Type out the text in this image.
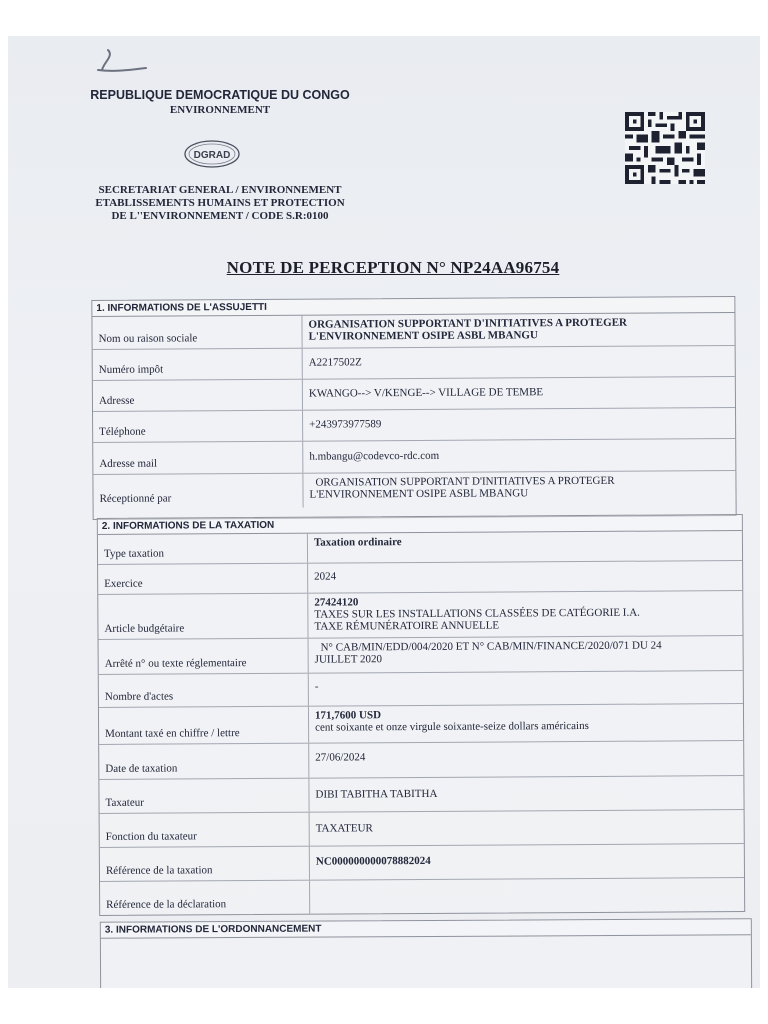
REPUBLIQUE DEMOCRATIQUE DU CONGO
ENVIRONNEMENT
DGRAD
SECRETARIAT GENERAL / ENVIRONNEMENT
ETABLISSEMENTS HUMAINS ET PROTECTION
DE L''ENVIRONNEMENT / CODE S.R:0100
NOTE DE PERCEPTION N° NP24AA96754
1. INFORMATIONS DE L'ASSUJETTI
Nom ou raison sociale
ORGANISATION SUPPORTANT D'INITIATIVES A PROTEGER
L'ENVIRONNEMENT OSIPE ASBL MBANGU
Numéro impôt
A2217502Z
Adresse
KWANGO--> V/KENGE--> VILLAGE DE TEMBE
Téléphone
+243973977589
Adresse mail
h.mbangu@codevco-rdc.com
Réceptionné par
ORGANISATION SUPPORTANT D'INITIATIVES A PROTEGER
L'ENVIRONNEMENT OSIPE ASBL MBANGU
2. INFORMATIONS DE LA TAXATION
Type taxation
Taxation ordinaire
Exercice
2024
Article budgétaire
27424120
TAXES SUR LES INSTALLATIONS CLASSÉES DE CATÉGORIE I.A.
TAXE RÉMUNÉRATOIRE ANNUELLE
Arrêté n° ou texte réglementaire
N° CAB/MIN/EDD/004/2020 ET N° CAB/MIN/FINANCE/2020/071 DU 24
JUILLET 2020
Nombre d'actes
-
Montant taxé en chiffre / lettre
171,7600 USD
cent soixante et onze virgule soixante-seize dollars américains
Date de taxation
27/06/2024
Taxateur
DIBI TABITHA TABITHA
Fonction du taxateur
TAXATEUR
Référence de la taxation
NC000000000078882024
Référence de la déclaration
3. INFORMATIONS DE L'ORDONNANCEMENT
